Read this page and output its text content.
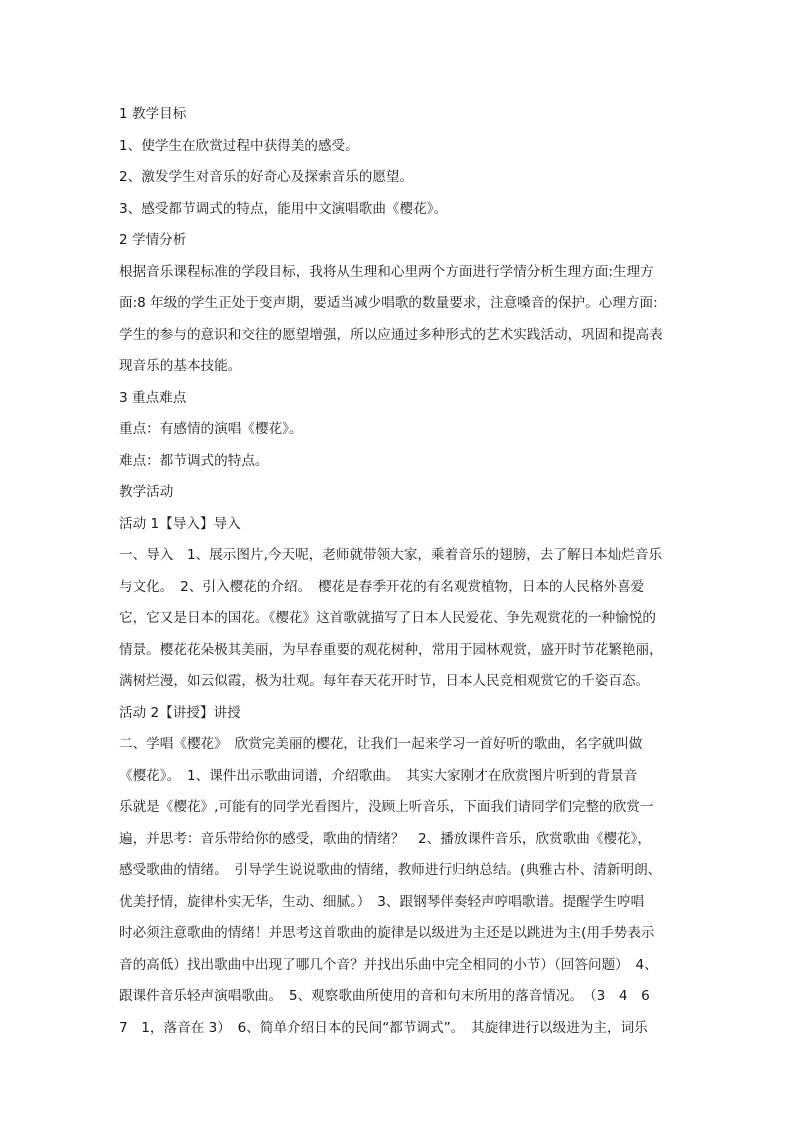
1 教学目标
1、使学生在欣赏过程中获得美的感受。
2、激发学生对音乐的好奇心及探索音乐的愿望。
3、感受都节调式的特点，能用中文演唱歌曲《樱花》。
2 学情分析
根据音乐课程标准的学段目标，我将从生理和心里两个方面进行学情分析生理方面:生理方
面:8 年级的学生正处于变声期，要适当减少唱歌的数量要求，注意嗓音的保护。心理方面:
学生的参与的意识和交往的愿望增强，所以应通过多种形式的艺术实践活动，巩固和提高表
现音乐的基本技能。
3 重点难点
重点：有感情的演唱《樱花》。
难点：都节调式的特点。
教学活动
活动 1【导入】导入
一、导入　1、展示图片,今天呢，老师就带领大家，乘着音乐的翅膀，去了解日本灿烂音乐
与文化。　2、引入樱花的介绍。　樱花是春季开花的有名观赏植物，日本的人民格外喜爱
它，它又是日本的国花。《樱花》这首歌就描写了日本人民爱花、争先观赏花的一种愉悦的
情景。樱花花朵极其美丽，为早春重要的观花树种，常用于园林观赏，盛开时节花繁艳丽，
满树烂漫，如云似霞，极为壮观。每年春天花开时节，日本人民竞相观赏它的千姿百态。
活动 2【讲授】讲授
二、学唱《樱花》　欣赏完美丽的樱花，让我们一起来学习一首好听的歌曲，名字就叫做
《樱花》。　1、课件出示歌曲词谱，介绍歌曲。　其实大家刚才在欣赏图片听到的背景音
乐就是《樱花》,可能有的同学光看图片，没顾上听音乐，下面我们请同学们完整的欣赏一
遍，并思考：音乐带给你的感受，歌曲的情绪？　2、播放课件音乐，欣赏歌曲《樱花》，
感受歌曲的情绪。　引导学生说说歌曲的情绪，教师进行归纳总结。(典雅古朴、清新明朗、
优美抒情，旋律朴实无华，生动、细腻。）　3、跟钢琴伴奏轻声哼唱歌谱。提醒学生哼唱
时必须注意歌曲的情绪！并思考这首歌曲的旋律是以级进为主还是以跳进为主(用手势表示
音的高低）找出歌曲中出现了哪几个音？并找出乐曲中完全相同的小节）（回答问题）　4、
跟课件音乐轻声演唱歌曲。　5、观察歌曲所使用的音和句末所用的落音情况。　（3　4　6
7　1，落音在 3）　6、简单介绍日本的民间“都节调式”。　其旋律进行以级进为主，词乐
